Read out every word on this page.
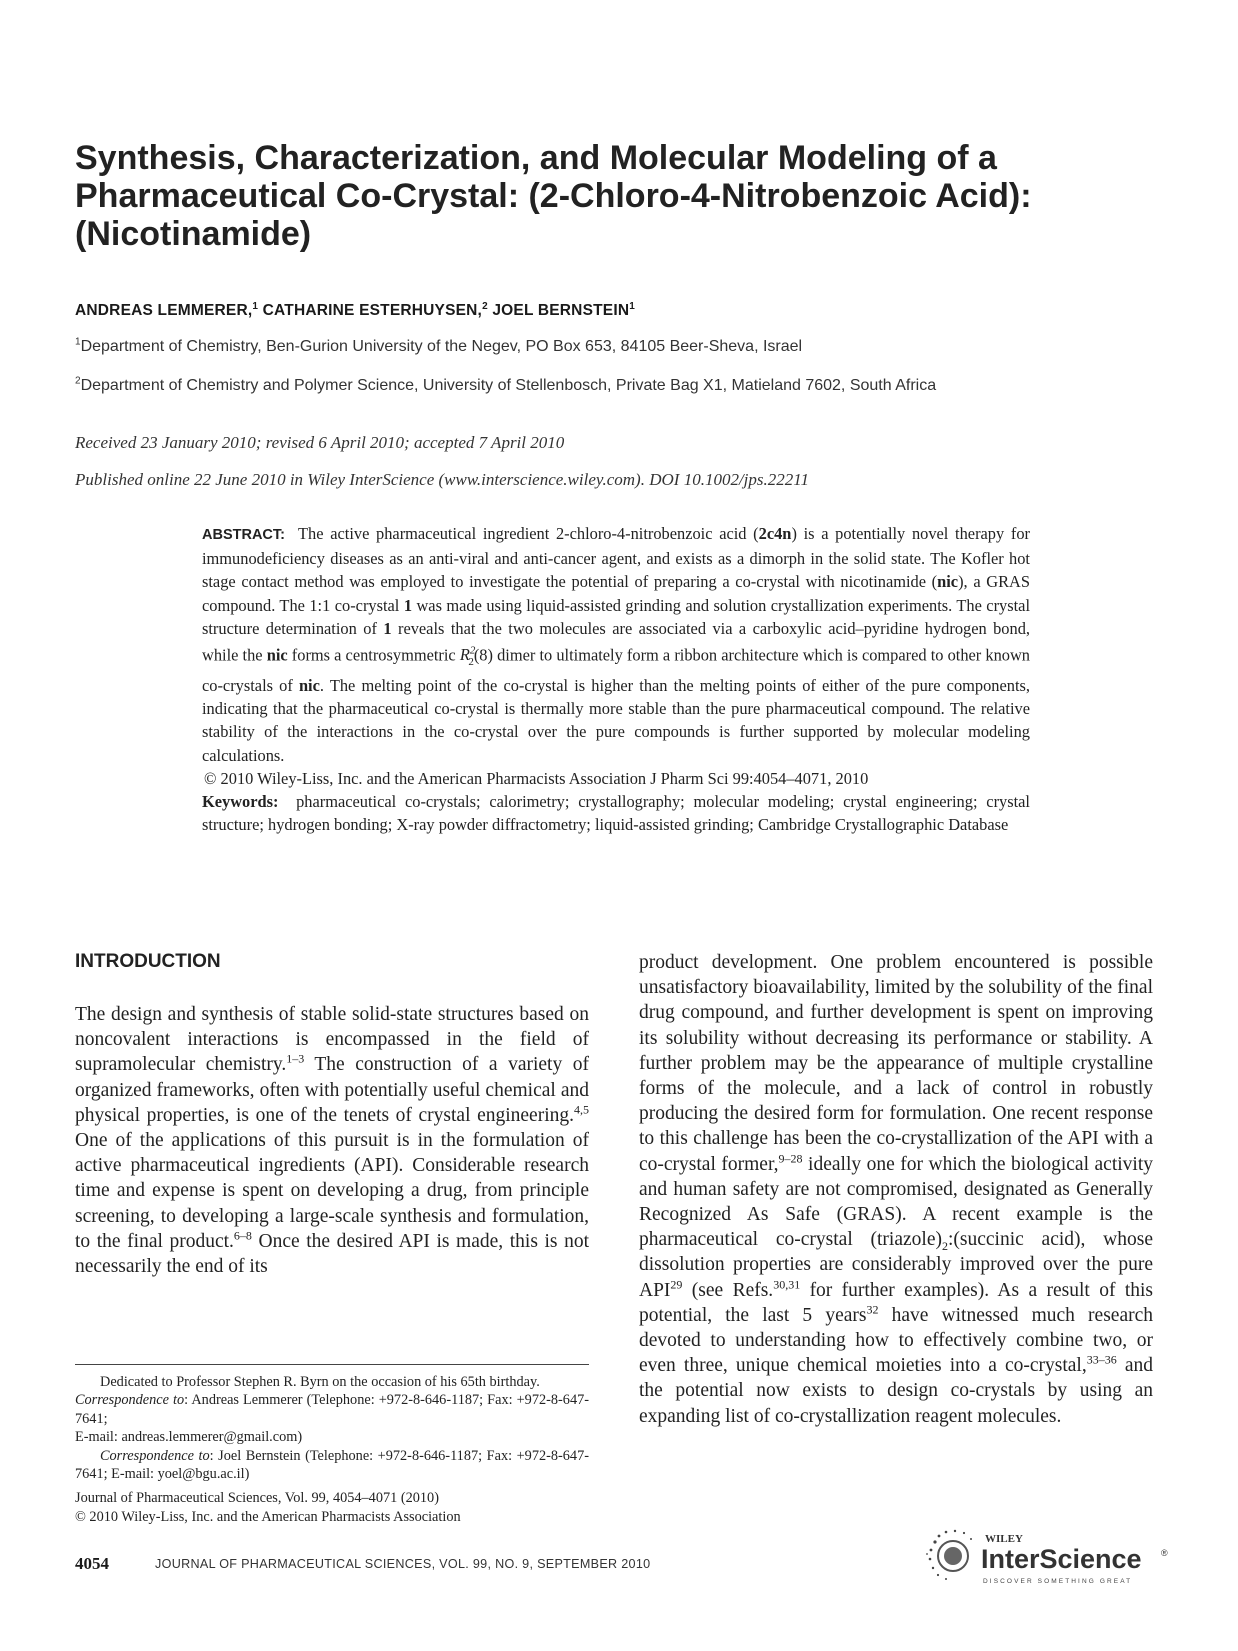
Synthesis, Characterization, and Molecular Modeling of a Pharmaceutical Co-Crystal: (2-Chloro-4-Nitrobenzoic Acid):(Nicotinamide)
ANDREAS LEMMERER,$^1$ CATHARINE ESTERHUYSEN,$^2$ JOEL BERNSTEIN$^1$
$^1$Department of Chemistry, Ben-Gurion University of the Negev, PO Box 653, 84105 Beer-Sheva, Israel
$^2$Department of Chemistry and Polymer Science, University of Stellenbosch, Private Bag X1, Matieland 7602, South Africa
Received 23 January 2010; revised 6 April 2010; accepted 7 April 2010
Published online 22 June 2010 in Wiley InterScience (www.interscience.wiley.com). DOI 10.1002/jps.22211
ABSTRACT: The active pharmaceutical ingredient 2-chloro-4-nitrobenzoic acid (2c4n) is a potentially novel therapy for immunodeficiency diseases as an anti-viral and anti-cancer agent, and exists as a dimorph in the solid state. The Kofler hot stage contact method was employed to investigate the potential of preparing a co-crystal with nicotinamide (nic), a GRAS compound. The 1:1 co-crystal 1 was made using liquid-assisted grinding and solution crystallization experiments. The crystal structure determination of 1 reveals that the two molecules are associated via a carboxylic acid–pyridine hydrogen bond, while the nic forms a centrosymmetric $R^2_2(8)$ dimer to ultimately form a ribbon architecture which is compared to other known co-crystals of nic. The melting point of the co-crystal is higher than the melting points of either of the pure components, indicating that the pharmaceutical co-crystal is thermally more stable than the pure pharmaceutical compound. The relative stability of the interactions in the co-crystal over the pure compounds is further supported by molecular modeling calculations.
© 2010 Wiley-Liss, Inc. and the American Pharmacists Association J Pharm Sci 99:4054–4071, 2010
Keywords: pharmaceutical co-crystals; calorimetry; crystallography; molecular modeling; crystal engineering; crystal structure; hydrogen bonding; X-ray powder diffractometry; liquid-assisted grinding; Cambridge Crystallographic Database
INTRODUCTION
The design and synthesis of stable solid-state structures based on noncovalent interactions is encompassed in the field of supramolecular chemistry.$^{1-3}$ The construction of a variety of organized frameworks, often with potentially useful chemical and physical properties, is one of the tenets of crystal engineering.$^{4,5}$ One of the applications of this pursuit is in the formulation of active pharmaceutical ingredients (API). Considerable research time and expense is spent on developing a drug, from principle screening, to developing a large-scale synthesis and formulation, to the final product.$^{6-8}$ Once the desired API is made, this is not necessarily the end of its
product development. One problem encountered is possible unsatisfactory bioavailability, limited by the solubility of the final drug compound, and further development is spent on improving its solubility without decreasing its performance or stability. A further problem may be the appearance of multiple crystalline forms of the molecule, and a lack of control in robustly producing the desired form for formulation. One recent response to this challenge has been the co-crystallization of the API with a co-crystal former,$^{9-28}$ ideally one for which the biological activity and human safety are not compromised, designated as Generally Recognized As Safe (GRAS). A recent example is the pharmaceutical co-crystal $(triazole)_2:(succinic$ acid), whose dissolution properties are considerably improved over the pure API$^{29}$ (see Refs.$^{30,31}$ for further examples). As a result of this potential, the last 5 years$^{32}$ have witnessed much research devoted to understanding how to effectively combine two, or even three, unique chemical moieties into a co-crystal,$^{33-36}$ and the potential now exists to design co-crystals by using an expanding list of co-crystallization reagent molecules.

Dedicated to Professor Stephen R. Byrn on the occasion of his 65th birthday.

Correspondence to: Andreas Lemmerer (Telephone: +972-8-646-1187; Fax: +972-8-647-7641;

E-mail: andreas.lemmerer@gmail.com)

Correspondence to: Joel Bernstein (Telephone: +972-8-646-1187; Fax: +972-8-647-7641; E-mail: yoel@bgu.ac.il)

Journal of Pharmaceutical Sciences, Vol. 99, 4054–4071 (2010)

© 2010 Wiley-Liss, Inc. and the American Pharmacists Association

4054	JOURNAL OF PHARMACEUTICAL SCIENCES, VOL. 99, NO. 9, SEPTEMBER 2010
WILEY
InterScience ®
DISCOVER SOMETHING GREAT
